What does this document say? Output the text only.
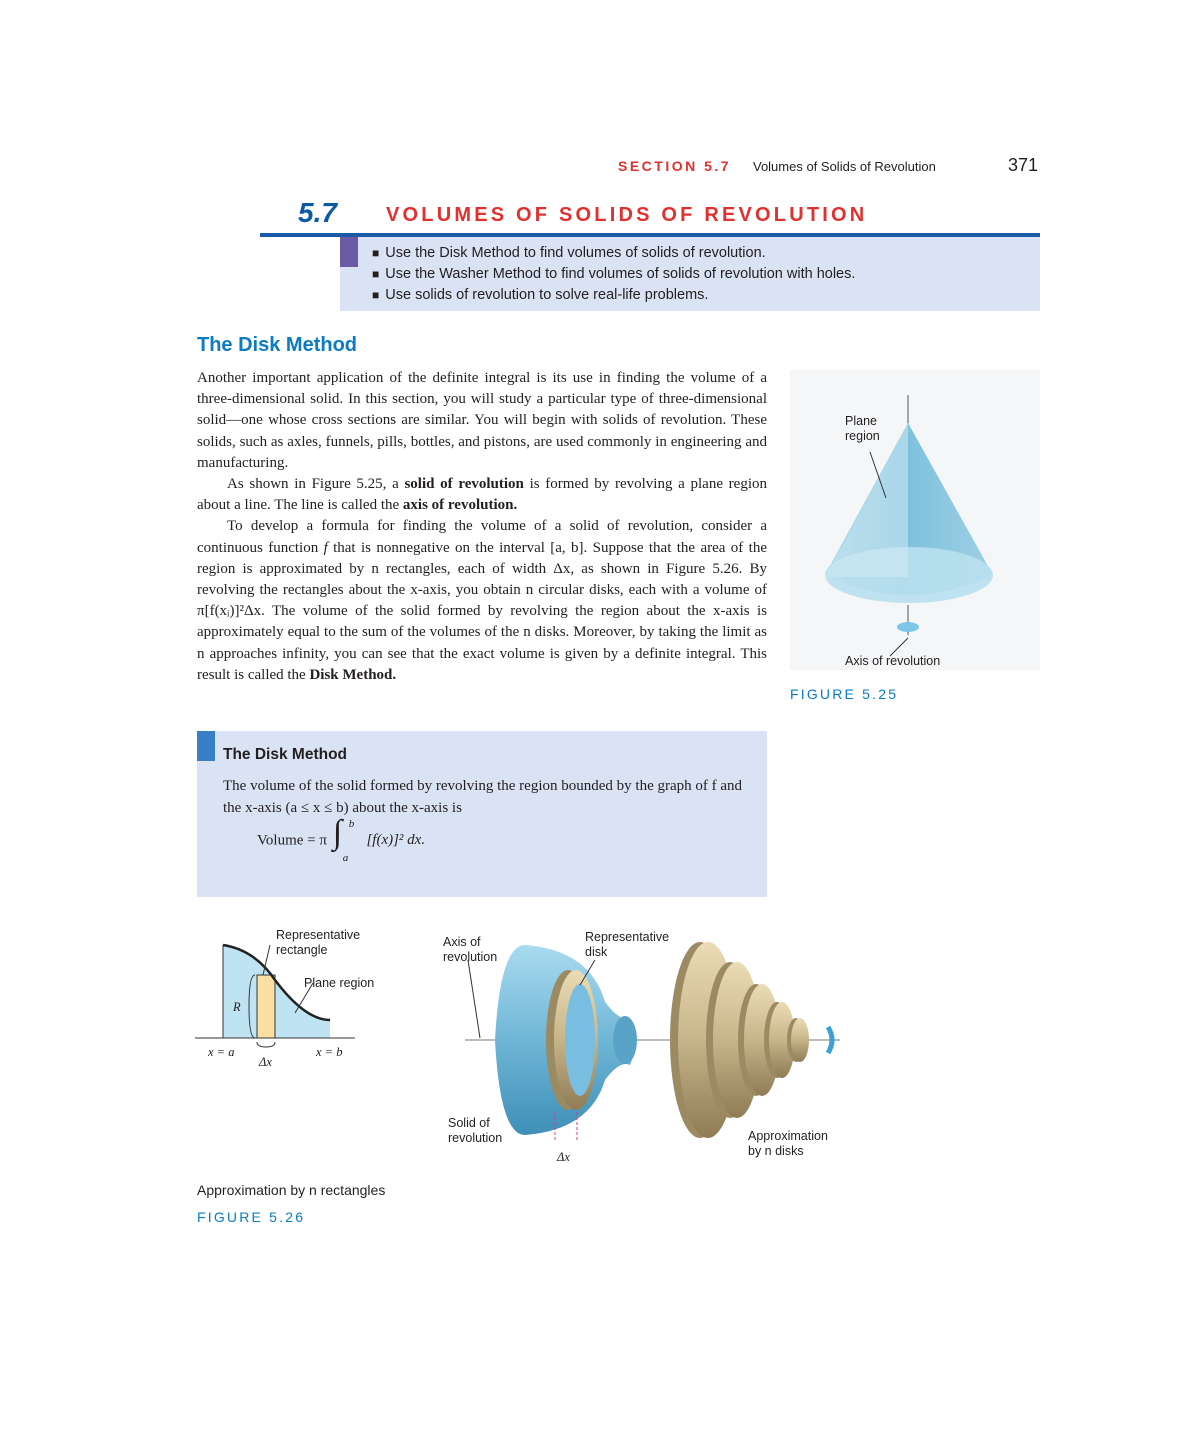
SECTION 5.7 Volumes of Solids of Revolution	371
5.7 VOLUMES OF SOLIDS OF REVOLUTION
■ Use the Disk Method to find volumes of solids of revolution.
■ Use the Washer Method to find volumes of solids of revolution with holes.
■ Use solids of revolution to solve real-life problems.
The Disk Method

Another important application of the definite integral is its use in finding the volume of a three-dimensional solid. In this section, you will study a particular type of three-dimensional solid—one whose cross sections are similar. You will begin with solids of revolution. These solids, such as axles, funnels, pills, bottles, and pistons, are used commonly in engineering and manufacturing.

As shown in Figure 5.25, a solid of revolution is formed by revolving a plane region about a line. The line is called the axis of revolution.

To develop a formula for finding the volume of a solid of revolution, consider a continuous function f that is nonnegative on the interval [a, b]. Suppose that the area of the region is approximated by n rectangles, each of width Δx, as shown in Figure 5.26. By revolving the rectangles about the x-axis, you obtain n circular disks, each with a volume of π[f(xᵢ)]²Δx. The volume of the solid formed by revolving the region about the x-axis is approximately equal to the sum of the volumes of the n disks. Moreover, by taking the limit as n approaches infinity, you can see that the exact volume is given by a definite integral. This result is called the Disk Method.

The Disk Method
The volume of the solid formed by revolving the region bounded by the graph of f and the x-axis (a ≤ x ≤ b) about the x-axis is
Volume = π ∫ b
a
[f(x)]² dx.
Plane
region
Axis of revolution
FIGURE 5.25
Representative
rectangle
Plane region
R
x = a	x = b
Δx
Axis of
revolution
Representative
disk
Solid of
revolution
Δx
Approximation
by n disks
Approximation by n rectangles
FIGURE 5.26
